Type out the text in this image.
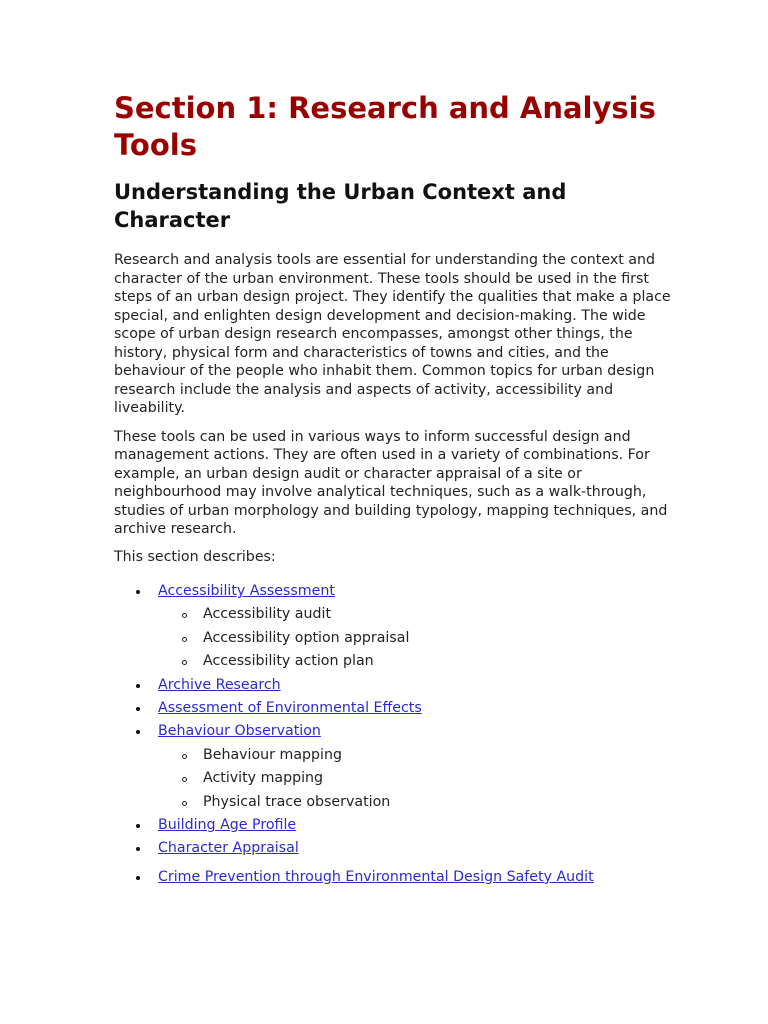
Section 1: Research and Analysis Tools
Understanding the Urban Context and Character

Research and analysis tools are essential for understanding the context and character of the urban environment. These tools should be used in the first steps of an urban design project. They identify the qualities that make a place special, and enlighten design development and decision-making. The wide scope of urban design research encompasses, amongst other things, the history, physical form and characteristics of towns and cities, and the behaviour of the people who inhabit them. Common topics for urban design research include the analysis and aspects of activity, accessibility and liveability.

These tools can be used in various ways to inform successful design and management actions. They are often used in a variety of combinations. For example, an urban design audit or character appraisal of a site or neighbourhood may involve analytical techniques, such as a walk-through, studies of urban morphology and building typology, mapping techniques, and archive research.

This section describes:

Accessibility Assessment
Accessibility audit
Accessibility option appraisal
Accessibility action plan
Archive Research
Assessment of Environmental Effects
Behaviour Observation
Behaviour mapping
Activity mapping
Physical trace observation
Building Age Profile
Character Appraisal
Crime Prevention through Environmental Design Safety Audit
